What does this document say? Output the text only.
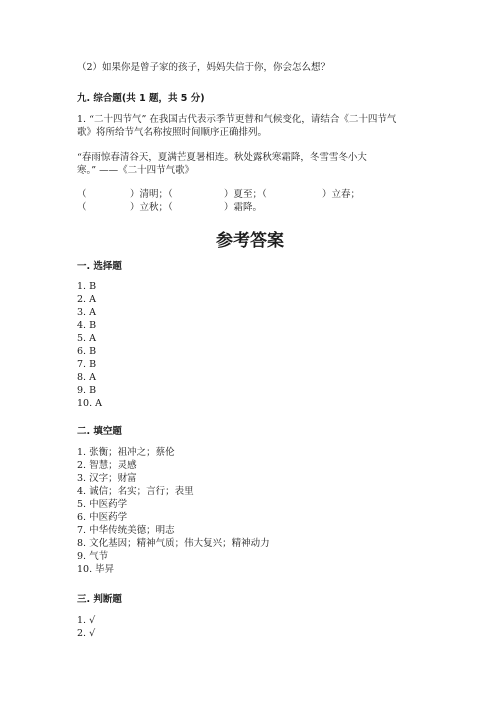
（2）如果你是曾子家的孩子，妈妈失信于你，你会怎么想？
九. 综合题(共 1 题，共 5 分)
1. “二十四节气” 在我国古代表示季节更替和气候变化，请结合《二十四节气
歌》将所给节气名称按照时间顺序正确排列。
“春雨惊春清谷天，夏满芒夏暑相连。秋处露秋寒霜降，冬雪雪冬小大
寒。” ——《二十四节气歌》
（	）清明；（	）夏至；（	）立春；
（	）立秋；（	）霜降。
参考答案
一. 选择题
1. B
2. A
3. A
4. B
5. A
6. B
7. B
8. A
9. B
10. A
二. 填空题
1. 张衡；祖冲之；蔡伦
2. 智慧；灵感
3. 汉字；财富
4. 诚信；名实；言行；表里
5. 中医药学
6. 中医药学
7. 中华传统美德；明志
8. 文化基因；精神气质；伟大复兴；精神动力
9. 气节
10. 毕昇
三. 判断题
1. √
2. √
